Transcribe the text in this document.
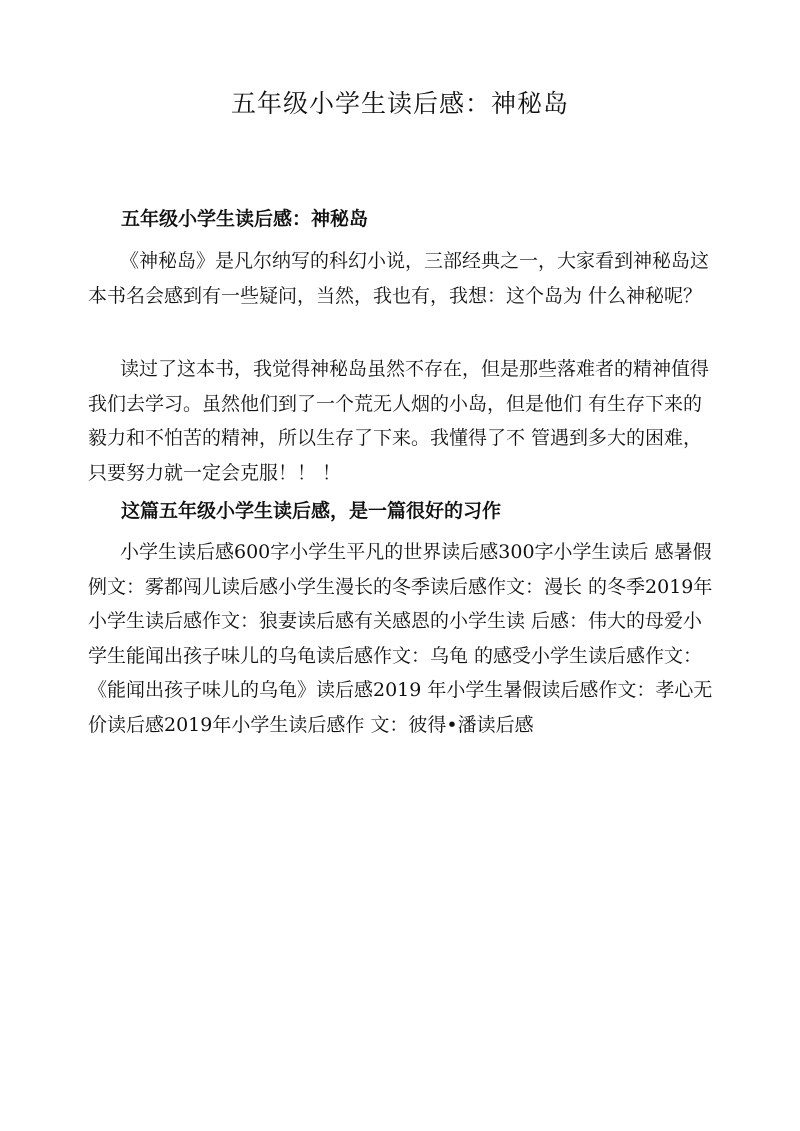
五年级小学生读后感：神秘岛
五年级小学生读后感：神秘岛

《神秘岛》是凡尔纳写的科幻小说，三部经典之一，大家看到神秘岛这本书名会感到有一些疑问，当然，我也有，我想：这个岛为 什么神秘呢？

读过了这本书，我觉得神秘岛虽然不存在，但是那些落难者的精神值得我们去学习。虽然他们到了一个荒无人烟的小岛，但是他们 有生存下来的毅力和不怕苦的精神，所以生存了下来。我懂得了不 管遇到多大的困难，只要努力就一定会克服！！ ！

这篇五年级小学生读后感，是一篇很好的习作

小学生读后感600字小学生平凡的世界读后感300字小学生读后 感暑假例文：雾都闯儿读后感小学生漫长的冬季读后感作文：漫长 的冬季2019年小学生读后感作文：狼妻读后感有关感恩的小学生读 后感：伟大的母爱小学生能闻出孩子味儿的乌龟读后感作文：乌龟 的感受小学生读后感作文：《能闻出孩子味儿的乌龟》读后感2019 年小学生暑假读后感作文：孝心无价读后感2019年小学生读后感作 文：彼得•潘读后感
